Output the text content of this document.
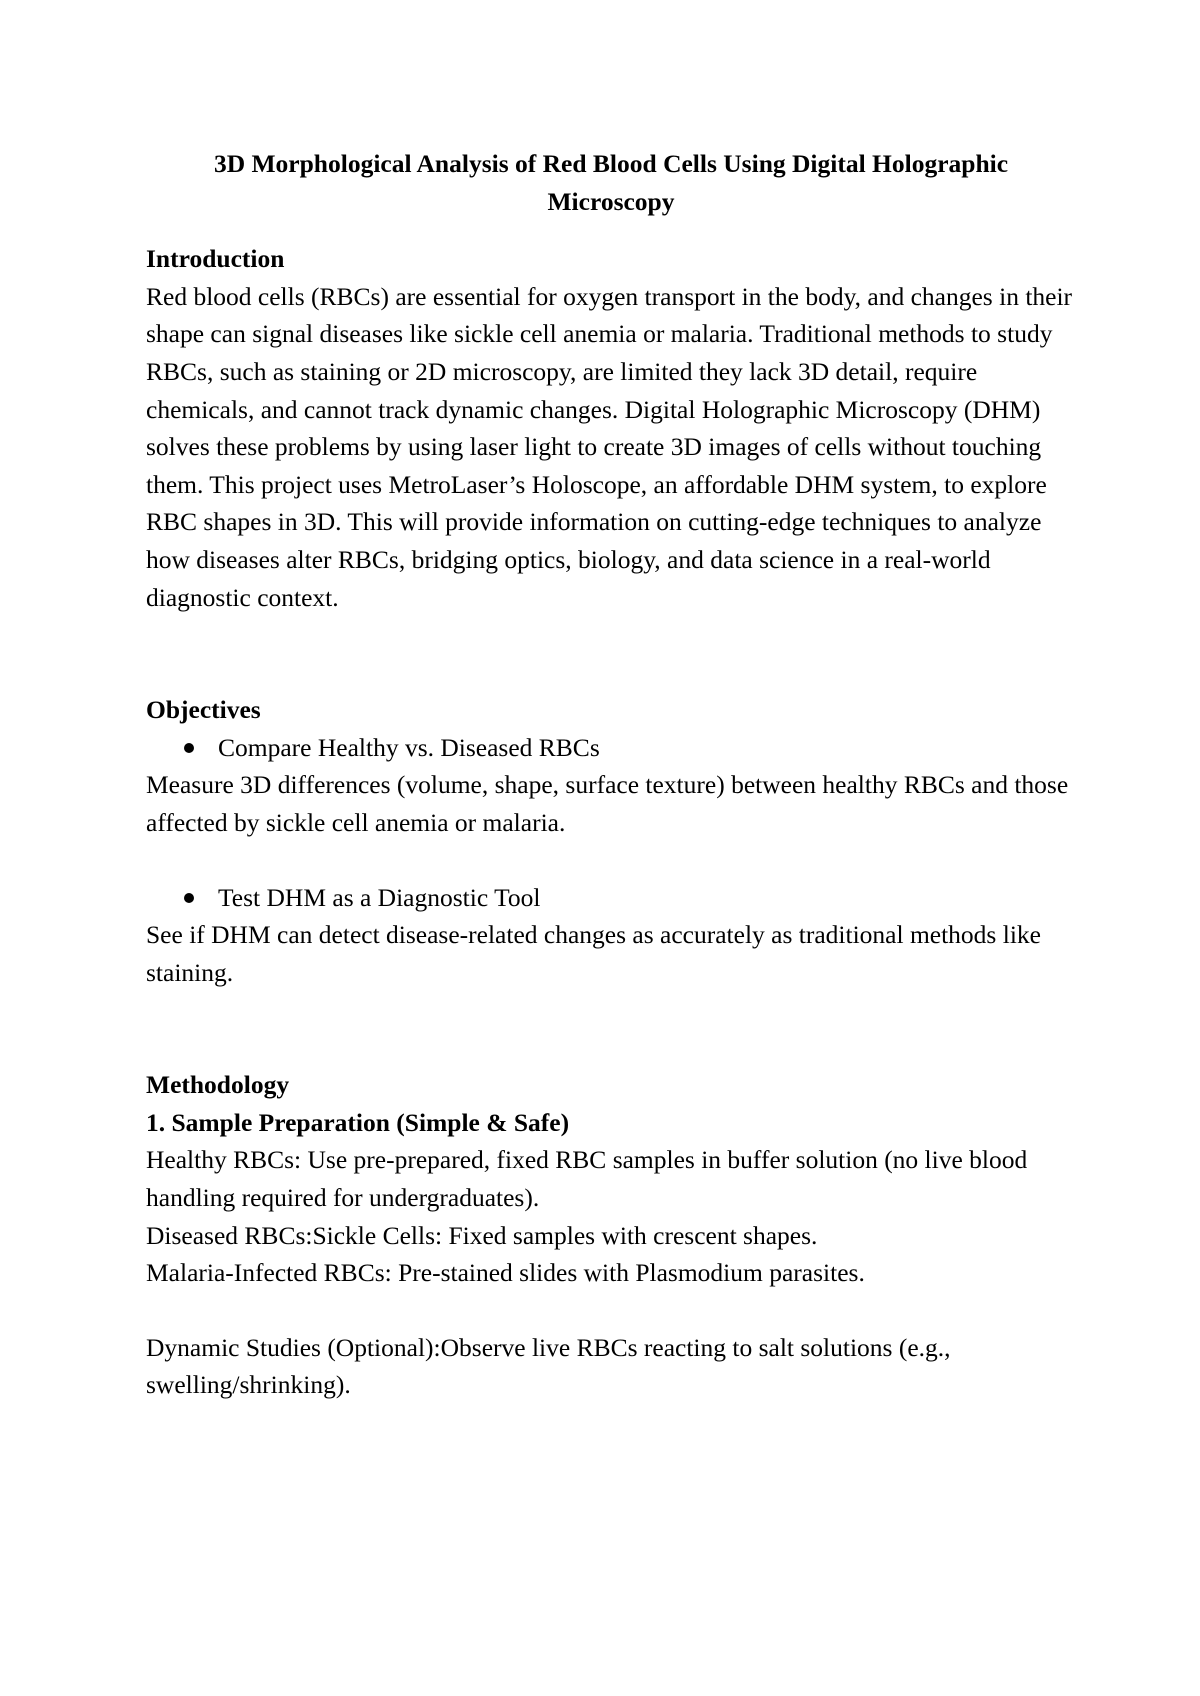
3D Morphological Analysis of Red Blood Cells Using Digital Holographic Microscopy

Introduction

Red blood cells (RBCs) are essential for oxygen transport in the body, and changes in their shape can signal diseases like sickle cell anemia or malaria. Traditional methods to study RBCs, such as staining or 2D microscopy, are limited they lack 3D detail, require chemicals, and cannot track dynamic changes. Digital Holographic Microscopy (DHM) solves these problems by using laser light to create 3D images of cells without touching them. This project uses MetroLaser’s Holoscope, an affordable DHM system, to explore RBC shapes in 3D. This will provide information on cutting-edge techniques to analyze how diseases alter RBCs, bridging optics, biology, and data science in a real-world diagnostic context.

Objectives

Compare Healthy vs. Diseased RBCs

Measure 3D differences (volume, shape, surface texture) between healthy RBCs and those affected by sickle cell anemia or malaria.

Test DHM as a Diagnostic Tool

See if DHM can detect disease-related changes as accurately as traditional methods like staining.

Methodology

1. Sample Preparation (Simple & Safe)

Healthy RBCs: Use pre-prepared, fixed RBC samples in buffer solution (no live blood handling required for undergraduates).

Diseased RBCs:Sickle Cells: Fixed samples with crescent shapes.

Malaria-Infected RBCs: Pre-stained slides with Plasmodium parasites.

Dynamic Studies (Optional):Observe live RBCs reacting to salt solutions (e.g., swelling/shrinking).
